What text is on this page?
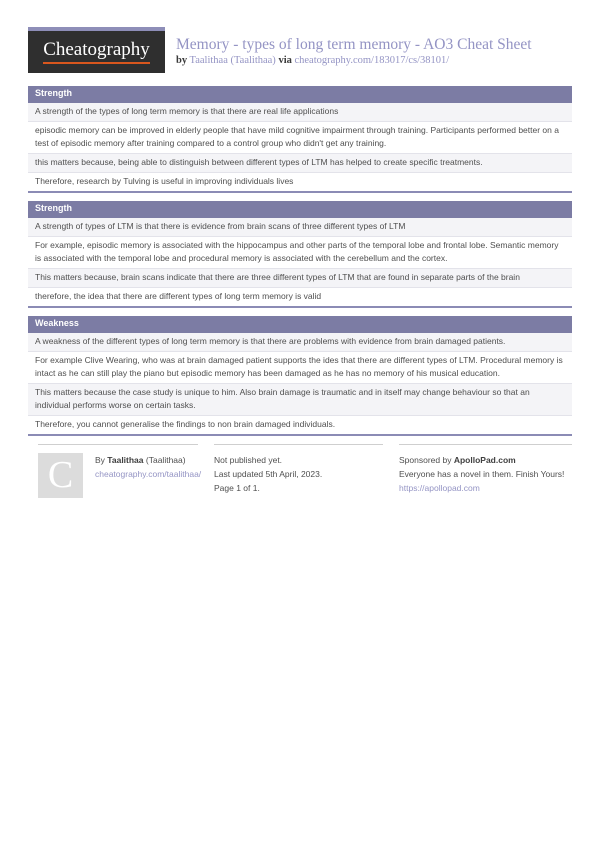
Cheatography Memory - types of long term memory - AO3 Cheat Sheet

by Taalithaa (Taalithaa) via cheatography.com/183017/cs/38101/

Strength
A strength of the types of long term memory is that there are real life applications
episodic memory can be improved in elderly people that have mild cognitive impairment through training. Participants performed better on a test of episodic memory after training compared to a control group who didn't get any training.
this matters because, being able to distinguish between different types of LTM has helped to create specific treatments.
Therefore, research by Tulving is useful in improving individuals lives
Strength
A strength of types of LTM is that there is evidence from brain scans of three different types of LTM
For example, episodic memory is associated with the hippocampus and other parts of the temporal lobe and frontal lobe. Semantic memory is associated with the temporal lobe and procedural memory is associated with the cerebellum and the cortex.
This matters because, brain scans indicate that there are three different types of LTM that are found in separate parts of the brain
therefore, the idea that there are different types of long term memory is valid
Weakness
A weakness of the different types of long term memory is that there are problems with evidence from brain damaged patients.
For example Clive Wearing, who was at brain damaged patient supports the ides that there are different types of LTM. Procedural memory is intact as he can still play the piano but episodic memory has been damaged as he has no memory of his musical education.
This matters because the case study is unique to him. Also brain damage is traumatic and in itself may change behaviour so that an individual performs worse on certain tasks.
Therefore, you cannot generalise the findings to non brain damaged individuals.
C	By Taalithaa (Taalithaa)
cheatography.com/taalithaa/
Not published yet.
Last updated 5th April, 2023.
Page 1 of 1.
Sponsored by ApolloPad.com
Everyone has a novel in them. Finish Yours!
https://apollopad.com
